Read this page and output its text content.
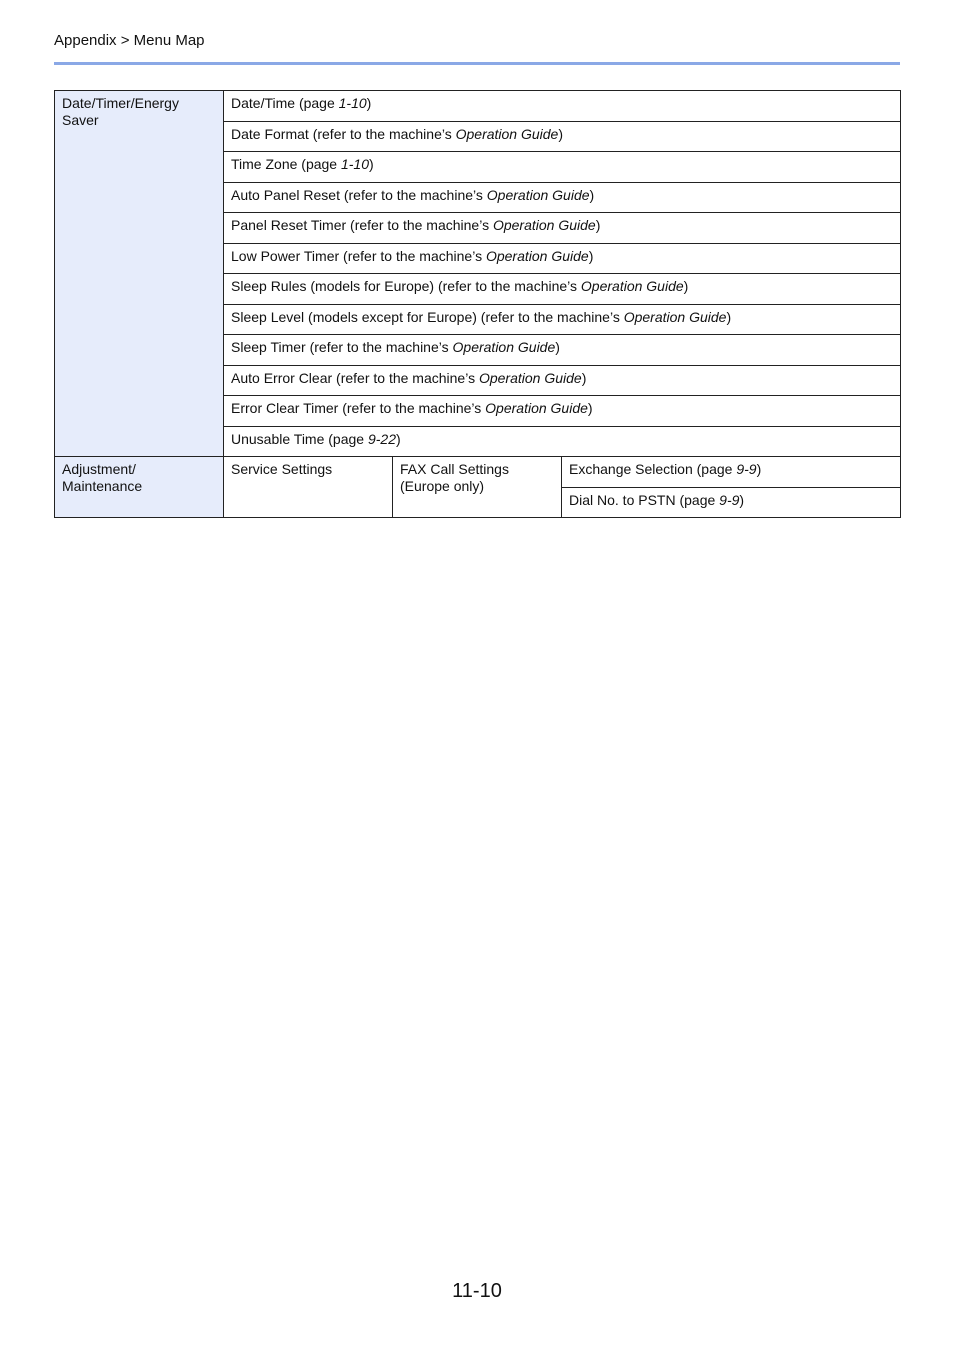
Appendix > Menu Map
Date/Timer/Energy Saver	Date/Time (page 1-10)		
	Date Format (refer to the machine’s Operation Guide)		
	Time Zone (page 1-10)		
	Auto Panel Reset (refer to the machine’s Operation Guide)		
	Panel Reset Timer (refer to the machine’s Operation Guide)		
	Low Power Timer (refer to the machine’s Operation Guide)		
	Sleep Rules (models for Europe) (refer to the machine’s Operation Guide)		
	Sleep Level (models except for Europe) (refer to the machine’s Operation Guide)		
	Sleep Timer (refer to the machine’s Operation Guide)		
	Auto Error Clear (refer to the machine’s Operation Guide)		
	Error Clear Timer (refer to the machine’s Operation Guide)		
	Unusable Time (page 9-22)		
Adjustment/ Maintenance	Service Settings	FAX Call Settings (Europe only)	Exchange Selection (page 9-9)
			Dial No. to PSTN (page 9-9)
11-10
